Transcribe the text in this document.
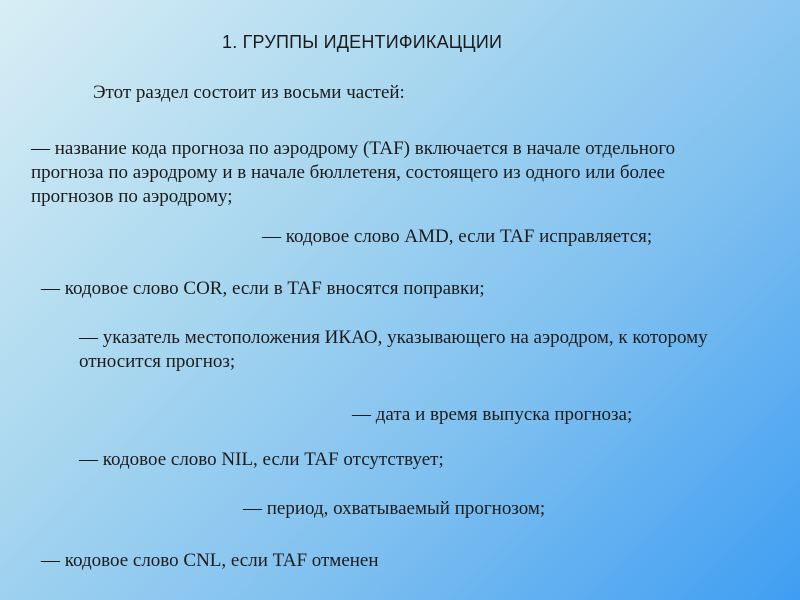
1. ГРУППЫ ИДЕНТИФИКАЦЦИИ
Этот раздел состоит из восьми частей:
— название кода прогноза по аэродрому (TAF) включается в начале отдельного прогноза по аэродрому и в начале бюллетеня, состоящего из одного или более прогнозов по аэродрому;
— кодовое слово AMD, если TAF исправляется;
— кодовое слово COR, если в TAF вносятся поправки;
— указатель местоположения ИКАО, указывающего на аэродром, к которому относится прогноз;
— дата и время выпуска прогноза;
— кодовое слово NIL, если TAF отсутствует;
— период, охватываемый прогнозом;
— кодовое слово CNL, если TAF отменен
